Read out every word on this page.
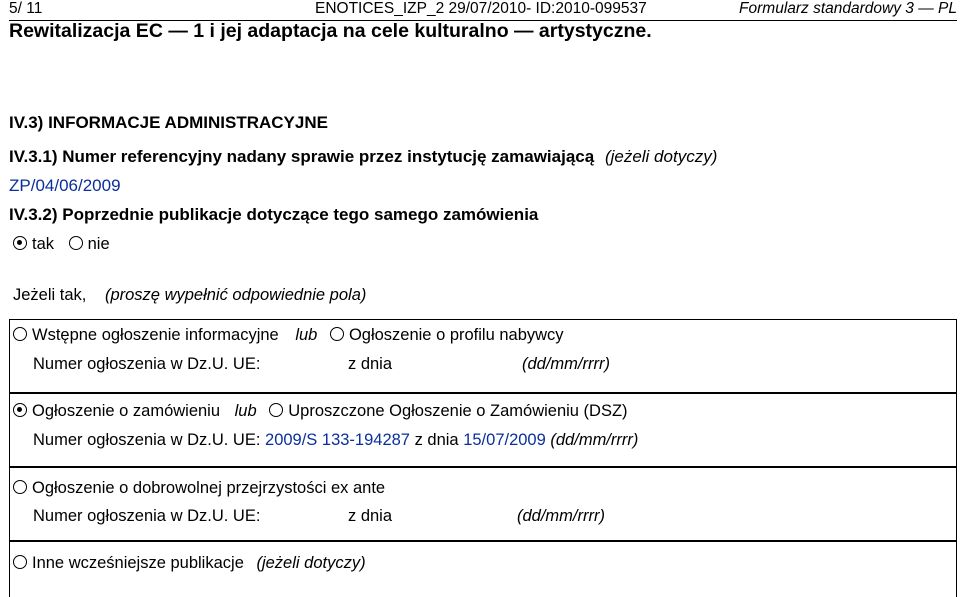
5/ 11	ENOTICES_IZP_2 29/07/2010- ID:2010-099537	Formularz standardowy 3 — PL
Rewitalizacja EC — 1 i jej adaptacja na cele kulturalno — artystyczne.
IV.3) INFORMACJE ADMINISTRACYJNE
IV.3.1) Numer referencyjny nadany sprawie przez instytucję zamawiającą (jeżeli dotyczy)
ZP/04/06/2009
IV.3.2) Poprzednie publikacje dotyczące tego samego zamówienia
tak nie
Jeżeli tak, (proszę wypełnić odpowiednie pola)
Wstępne ogłoszenie informacyjne lub Ogłoszenie o profilu nabywcy
Numer ogłoszenia w Dz.U. UE:	z dnia	(dd/mm/rrrr)
Ogłoszenie o zamówieniu lub Uproszczone Ogłoszenie o Zamówieniu (DSZ)
Numer ogłoszenia w Dz.U. UE: 2009/S 133-194287 z dnia 15/07/2009 (dd/mm/rrrr)
Ogłoszenie o dobrowolnej przejrzystości ex ante
Numer ogłoszenia w Dz.U. UE:	z dnia	(dd/mm/rrrr)
Inne wcześniejsze publikacje (jeżeli dotyczy)
